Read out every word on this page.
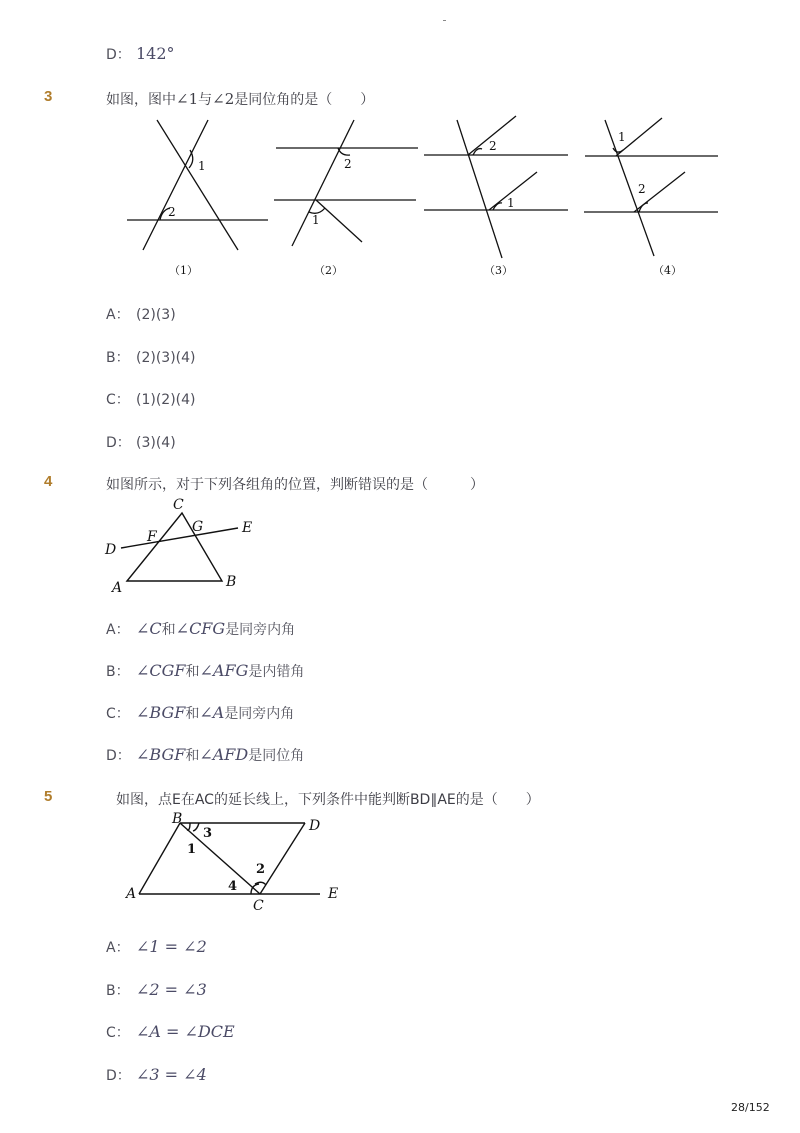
D： 142°
3	如图，图中∠1与∠2是同位角的是（　　）
1
2
2
1
2
1
1
2
（1）	（2）	（3）	（4）
A： (2)(3)
B： (2)(3)(4)
C： (1)(2)(4)
D： (3)(4)
4	如图所示，对于下列各组角的位置，判断错误的是（　　　）
C
G	E
F
D
A	B
A： ∠C和∠CFG是同旁内角
B： ∠CGF和∠AFG是内错角
C： ∠BGF和∠A是同旁内角
D： ∠BGF和∠AFD是同位角
5	如图，点E在AC的延长线上，下列条件中能判断BD∥AE的是（　　）
B	D
A
C
E
1
2
3
4
A： ∠1 = ∠2
B： ∠2 = ∠3
C： ∠A = ∠DCE
D： ∠3 = ∠4
28/152
